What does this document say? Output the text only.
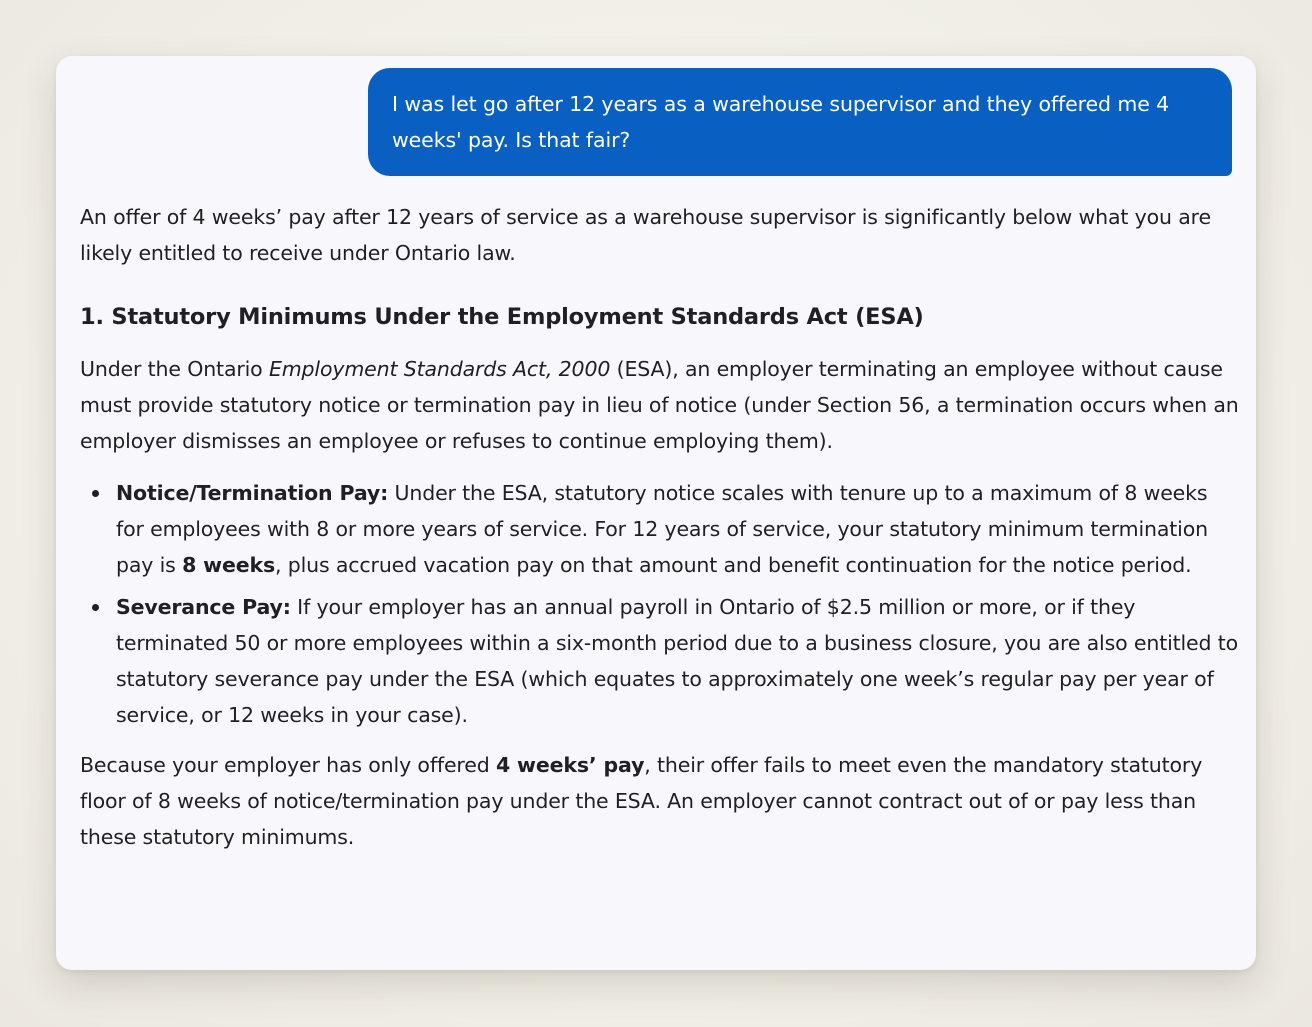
I was let go after 12 years as a warehouse supervisor and they offered me 4 weeks' pay. Is that fair?

An offer of 4 weeks’ pay after 12 years of service as a warehouse supervisor is significantly below what you are likely entitled to receive under Ontario law.

1. Statutory Minimums Under the Employment Standards Act (ESA)

Under the Ontario Employment Standards Act, 2000 (ESA), an employer terminating an employee without cause must provide statutory notice or termination pay in lieu of notice (under Section 56, a termination occurs when an employer dismisses an employee or refuses to continue employing them).

Notice/Termination Pay: Under the ESA, statutory notice scales with tenure up to a maximum of 8 weeks for employees with 8 or more years of service. For 12 years of service, your statutory minimum termination pay is 8 weeks, plus accrued vacation pay on that amount and benefit continuation for the notice period.
Severance Pay: If your employer has an annual payroll in Ontario of $2.5 million or more, or if they terminated 50 or more employees within a six-month period due to a business closure, you are also entitled to statutory severance pay under the ESA (which equates to approximately one week’s regular pay per year of service, or 12 weeks in your case).

Because your employer has only offered 4 weeks’ pay, their offer fails to meet even the mandatory statutory floor of 8 weeks of notice/termination pay under the ESA. An employer cannot contract out of or pay less than these statutory minimums.
